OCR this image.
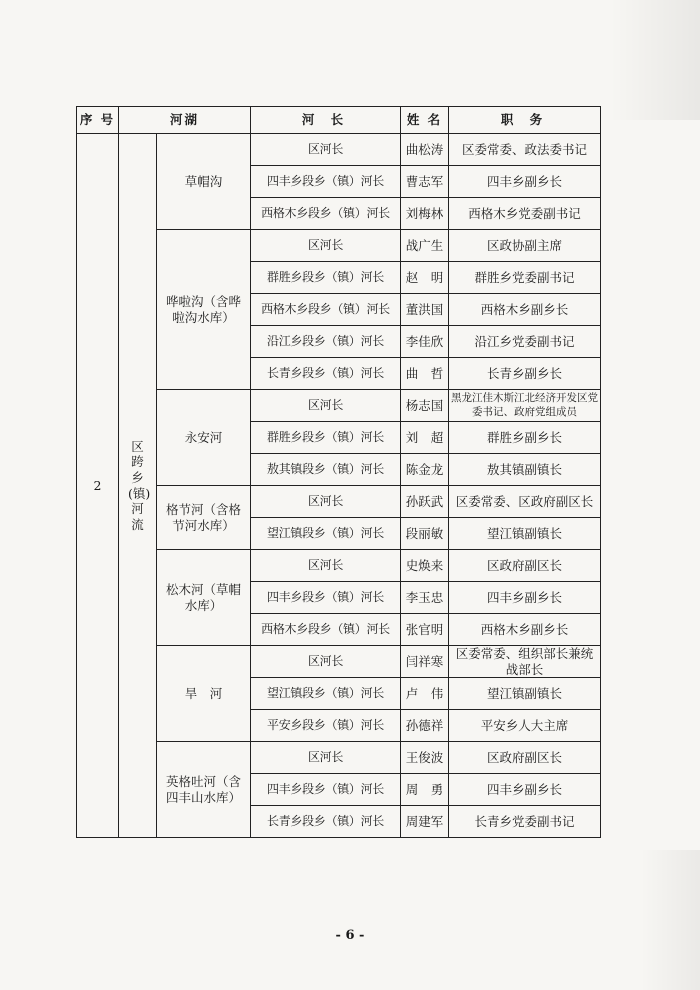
序 号	河湖		河 长	姓 名	职 务
2	区跨乡(镇)河流	草帽沟	区河长	曲松涛	区委常委、政法委书记
			四丰乡段乡（镇）河长	曹志军	四丰乡副乡长
			西格木乡段乡（镇）河长	刘梅林	西格木乡党委副书记
		哗啦沟（含哗啦沟水库）	区河长	战广生	区政协副主席
			群胜乡段乡（镇）河长	赵　明	群胜乡党委副书记
			西格木乡段乡（镇）河长	董洪国	西格木乡副乡长
			沿江乡段乡（镇）河长	李佳欣	沿江乡党委副书记
			长青乡段乡（镇）河长	曲　哲	长青乡副乡长
		永安河	区河长	杨志国	黑龙江佳木斯江北经济开发区党委书记、政府党组成员
			群胜乡段乡（镇）河长	刘　超	群胜乡副乡长
			敖其镇段乡（镇）河长	陈金龙	敖其镇副镇长
		格节河（含格节河水库）	区河长	孙跃武	区委常委、区政府副区长
			望江镇段乡（镇）河长	段丽敏	望江镇副镇长
		松木河（草帽水库）	区河长	史焕来	区政府副区长
			四丰乡段乡（镇）河长	李玉忠	四丰乡副乡长
			西格木乡段乡（镇）河长	张官明	西格木乡副乡长
		旱　河	区河长	闫祥寒	区委常委、组织部长兼统战部长
			望江镇段乡（镇）河长	卢　伟	望江镇副镇长
			平安乡段乡（镇）河长	孙德祥	平安乡人大主席
		英格吐河（含四丰山水库）	区河长	王俊波	区政府副区长
			四丰乡段乡（镇）河长	周　勇	四丰乡副乡长
			长青乡段乡（镇）河长	周建军	长青乡党委副书记
- 6 -
